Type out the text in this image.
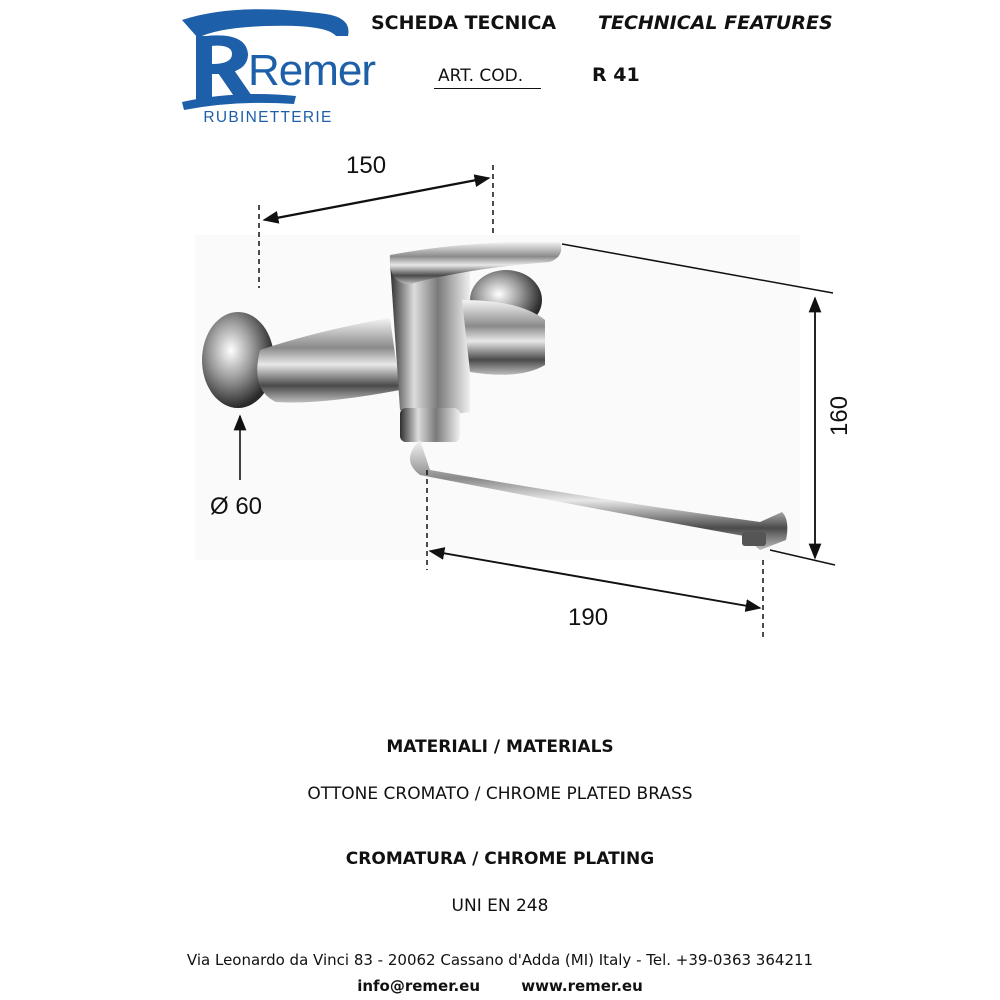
Remer
RUBINETTERIE
SCHEDA TECNICA TECHNICAL FEATURES
ART. COD.	R 41
150
160
Ø 60
190
MATERIALI / MATERIALS
OTTONE CROMATO / CHROME PLATED BRASS
CROMATURA / CHROME PLATING
UNI EN 248
Via Leonardo da Vinci 83 - 20062 Cassano d'Adda (MI) Italy - Tel. +39-0363 364211
info@remer.eu	www.remer.eu
